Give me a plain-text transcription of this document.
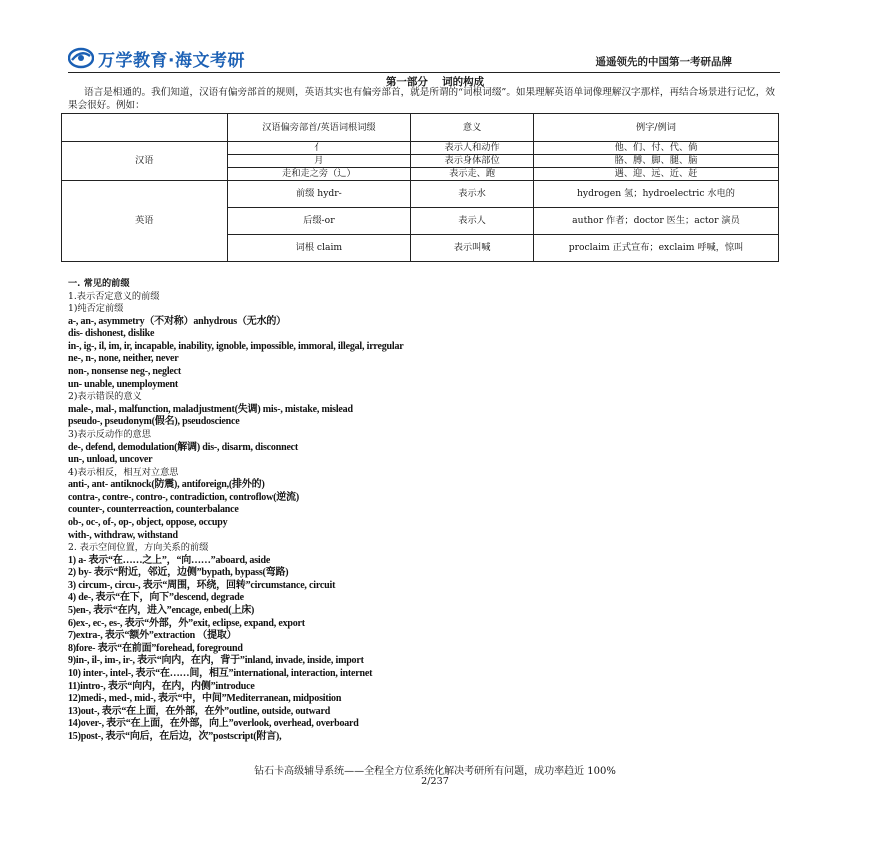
万学教育·海文考研	遥遥领先的中国第一考研品牌
第一部分　 词的构成
语言是相通的。我们知道，汉语有偏旁部首的规则，英语其实也有偏旁部首，就是所谓的“词根词缀”。如果理解英语单词像理解汉字那样，再结合场景进行记忆，效果会很好。例如：
	汉语偏旁部首/英语词根词缀	意义	例字/例词
汉语	亻	表示人和动作	他、们、付、代、倘
	月	表示身体部位	胳、膊、脚、腿、脑
	走和走之旁（辶）	表示走、跑	遇、迎、远、近、赶
英语	前缀 hydr-	表示水	hydrogen 氢；hydroelectric 水电的
	后缀-or	表示人	author 作者；doctor 医生；actor 演员
	词根 claim	表示叫喊	proclaim 正式宣布；exclaim 呼喊，惊叫
一. 常见的前缀
1.表示否定意义的前缀
1)纯否定前缀
a-, an-, asymmetry（不对称）anhydrous（无水的）
dis- dishonest, dislike
in-, ig-, il, im, ir, incapable, inability, ignoble, impossible, immoral, illegal, irregular
ne-, n-, none, neither, never
non-, nonsense neg-, neglect
un- unable, unemployment
2)表示错误的意义
male-, mal-, malfunction, maladjustment(失调) mis-, mistake, mislead
pseudo-, pseudonym(假名), pseudoscience
3)表示反动作的意思
de-, defend, demodulation(解调) dis-, disarm, disconnect
un-, unload, uncover
4)表示相反，相互对立意思
anti-, ant- antiknock(防震), antiforeign,(排外的)
contra-, contre-, contro-, contradiction, controflow(逆流)
counter-, counterreaction, counterbalance
ob-, oc-, of-, op-, object, oppose, occupy
with-, withdraw, withstand
2. 表示空间位置，方向关系的前缀
1) a- 表示“在……之上”，“向……”aboard, aside
2) by- 表示“附近，邻近，边侧”bypath, bypass(弯路)
3) circum-, circu-, 表示“周围，环绕，回转”circumstance, circuit
4) de-, 表示“在下，向下”descend, degrade
5)en-, 表示“在内，进入”encage, enbed(上床)
6)ex-, ec-, es-, 表示“外部，外”exit, eclipse, expand, export
7)extra-, 表示“额外”extraction （提取）
8)fore- 表示“在前面”forehead, foreground
9)in-, il-, im-, ir-, 表示“向内，在内，背于”inland, invade, inside, import
10) inter-, intel-, 表示“在……间，相互”international, interaction, internet
11)intro-, 表示“向内，在内，内侧”introduce
12)medi-, med-, mid-, 表示“中，中间”Mediterranean, midposition
13)out-, 表示“在上面，在外部，在外”outline, outside, outward
14)over-, 表示“在上面，在外部，向上”overlook, overhead, overboard
15)post-, 表示“向后，在后边，次”postscript(附言),
钻石卡高级辅导系统——全程全方位系统化解决考研所有问题，成功率趋近 100%
2/237
